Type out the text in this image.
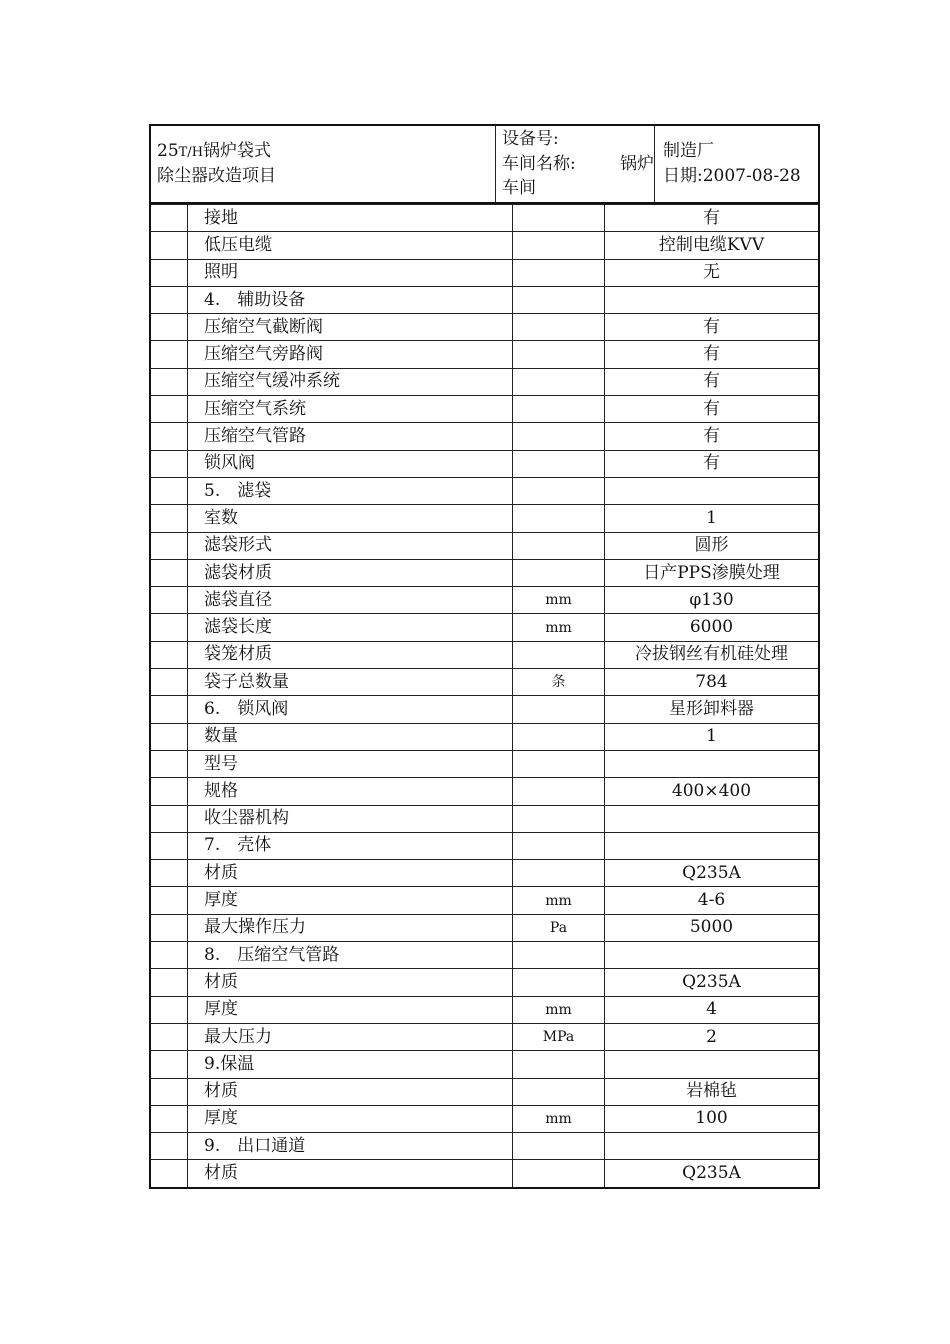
25T/H锅炉袋式
除尘器改造项目

设备号:
车间名称:	锅炉
车间

制造厂
日期:2007-08-28
	接地		有
	低压电缆		控制电缆KVV
	照明		无
	4.　辅助设备		
	压缩空气截断阀		有
	压缩空气旁路阀		有
	压缩空气缓冲系统		有
	压缩空气系统		有
	压缩空气管路		有
	锁风阀		有
	5.　滤袋		
	室数		1
	滤袋形式		圆形
	滤袋材质		日产PPS渗膜处理
	滤袋直径	mm	φ130
	滤袋长度	mm	6000
	袋笼材质		冷拔钢丝有机硅处理
	袋子总数量	条	784
	6.　锁风阀		星形卸料器
	数量		1
	型号		
	规格		400×400
	收尘器机构		
	7.　壳体		
	材质		Q235A
	厚度	mm	4-6
	最大操作压力	Pa	5000
	8.　压缩空气管路		
	材质		Q235A
	厚度	mm	4
	最大压力	MPa	2
	9.保温		
	材质		岩棉毡
	厚度	mm	100
	9.　出口通道		
	材质		Q235A
